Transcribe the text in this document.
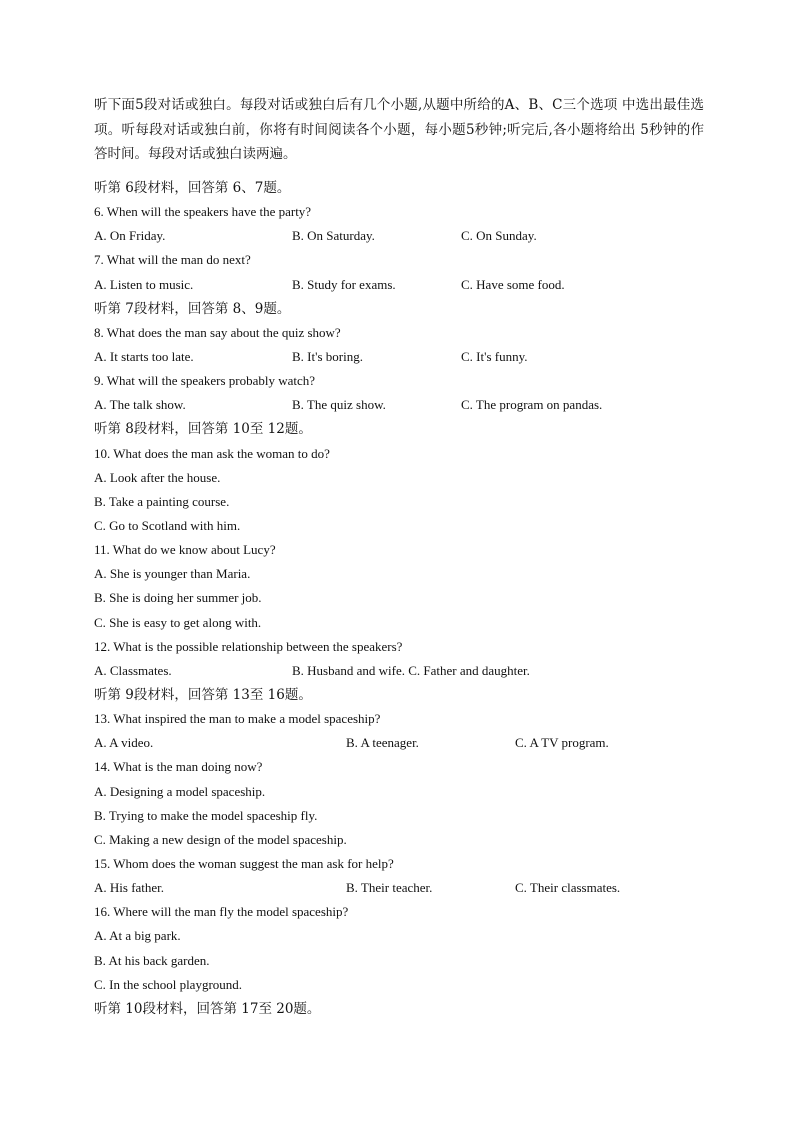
听下面5段对话或独白。每段对话或独白后有几个小题,从题中所给的A、B、C三个选项 中选出最佳选项。听每段对话或独白前，你将有时间阅读各个小题，每小题5秒钟;听完后,各小题将给出 5秒钟的作答时间。每段对话或独白读两遍。
听第 6段材料，回答第 6、7题。
6. When will the speakers have the party?
A. On Friday.	B. On Saturday.	C. On Sunday.
7. What will the man do next?
A. Listen to music.	B. Study for exams.	C. Have some food.
听第 7段材料，回答第 8、9题。
8. What does the man say about the quiz show?
A. It starts too late.	B. It's boring.	C. It's funny.
9. What will the speakers probably watch?
A. The talk show.	B. The quiz show.	C. The program on pandas.
听第 8段材料，回答第 10至 12题。
10. What does the man ask the woman to do?
A. Look after the house.
B. Take a painting course.
C. Go to Scotland with him.
11. What do we know about Lucy?
A. She is younger than Maria.
B. She is doing her summer job.
C. She is easy to get along with.
12. What is the possible relationship between the speakers?
A. Classmates.	B. Husband and wife. C. Father and daughter.
听第 9段材料，回答第 13至 16题。
13. What inspired the man to make a model spaceship?
A. A video.	B. A teenager.	C. A TV program.
14. What is the man doing now?
A. Designing a model spaceship.
B. Trying to make the model spaceship fly.
C. Making a new design of the model spaceship.
15. Whom does the woman suggest the man ask for help?
A. His father.	B. Their teacher.	C. Their classmates.
16. Where will the man fly the model spaceship?
A. At a big park.
B. At his back garden.
C. In the school playground.
听第 10段材料，回答第 17至 20题。
